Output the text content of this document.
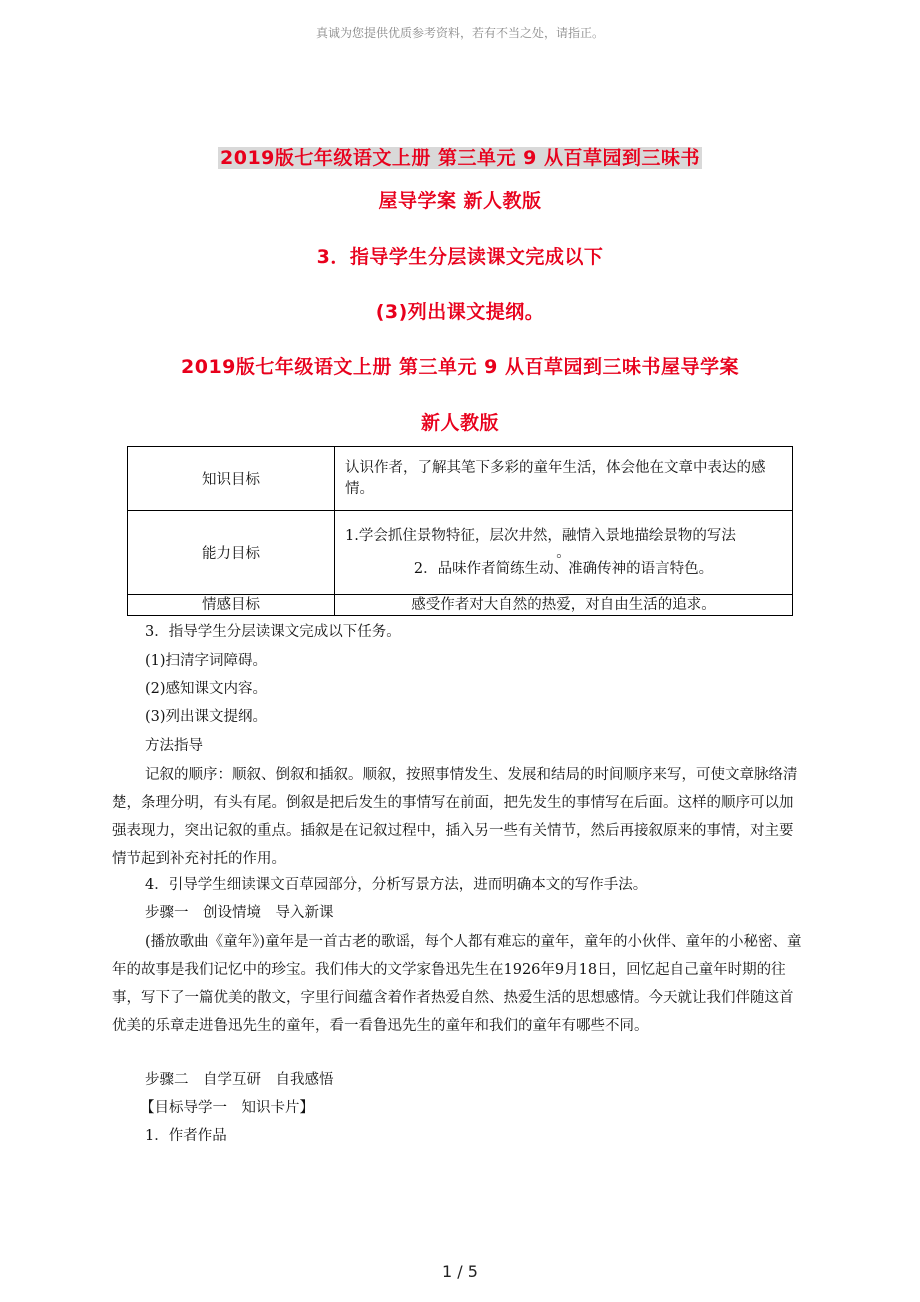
真诚为您提供优质参考资料，若有不当之处，请指正。
2019版七年级语文上册 第三单元 9 从百草园到三味书
屋导学案 新人教版
3．指导学生分层读课文完成以下
(3)列出课文提纲。
2019版七年级语文上册 第三单元 9 从百草园到三味书屋导学案
新人教版
知识目标	认识作者，了解其笔下多彩的童年生活，体会他在文章中表达的感情。
能力目标	1.学会抓住景物特征，层次井然，融情入景地描绘景物的写法
。
2．品味作者简练生动、准确传神的语言特色。

情感目标	感受作者对大自然的热爱，对自由生活的追求。
3．指导学生分层读课文完成以下任务。
(1)扫清字词障碍。
(2)感知课文内容。
(3)列出课文提纲。
方法指导
记叙的顺序：顺叙、倒叙和插叙。顺叙，按照事情发生、发展和结局的时间顺序来写，可使文章脉络清楚，条理分明，有头有尾。倒叙是把后发生的事情写在前面，把先发生的事情写在后面。这样的顺序可以加强表现力，突出记叙的重点。插叙是在记叙过程中，插入另一些有关情节，然后再接叙原来的事情，对主要情节起到补充衬托的作用。
4．引导学生细读课文百草园部分，分析写景方法，进而明确本文的写作手法。
步骤一　创设情境　导入新课
(播放歌曲《童年》)童年是一首古老的歌谣，每个人都有难忘的童年，童年的小伙伴、童年的小秘密、童年的故事是我们记忆中的珍宝。我们伟大的文学家鲁迅先生在1926年9月18日，回忆起自己童年时期的往事，写下了一篇优美的散文，字里行间蕴含着作者热爱自然、热爱生活的思想感情。今天就让我们伴随这首优美的乐章走进鲁迅先生的童年，看一看鲁迅先生的童年和我们的童年有哪些不同。
步骤二　自学互研　自我感悟
【目标导学一　知识卡片】
1．作者作品
1 / 5
